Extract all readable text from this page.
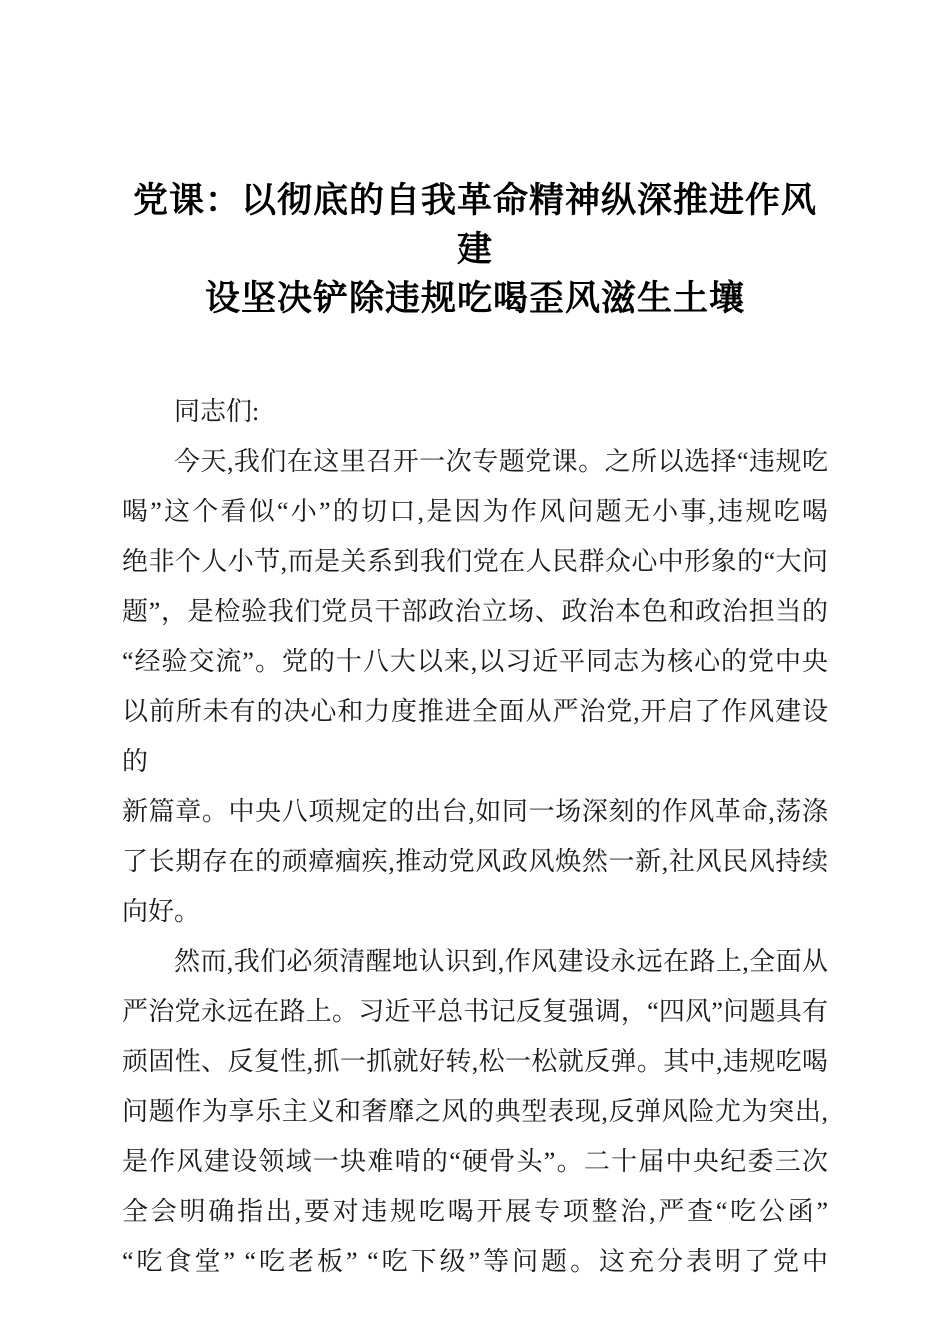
党课：以彻底的自我革命精神纵深推进作风建
设坚决铲除违规吃喝歪风滋生土壤
同志们:
今天,我们在这里召开一次专题党课。之所以选择“违规吃
喝”这个看似“小”的切口,是因为作风问题无小事,违规吃喝
绝非个人小节,而是关系到我们党在人民群众心中形象的“大问
题”，是检验我们党员干部政治立场、政治本色和政治担当的
“经验交流”。党的十八大以来,以习近平同志为核心的党中央
以前所未有的决心和力度推进全面从严治党,开启了作风建设的
新篇章。中央八项规定的出台,如同一场深刻的作风革命,荡涤
了长期存在的顽瘴痼疾,推动党风政风焕然一新,社风民风持续
向好。
然而,我们必须清醒地认识到,作风建设永远在路上,全面从
严治党永远在路上。习近平总书记反复强调，“四风”问题具有
顽固性、反复性,抓一抓就好转,松一松就反弹。其中,违规吃喝
问题作为享乐主义和奢靡之风的典型表现,反弹风险尤为突出,
是作风建设领域一块难啃的“硬骨头”。二十届中央纪委三次
全会明确指出,要对违规吃喝开展专项整治,严查“吃公函”
“吃食堂” “吃老板” “吃下级”等问题。这充分表明了党中
